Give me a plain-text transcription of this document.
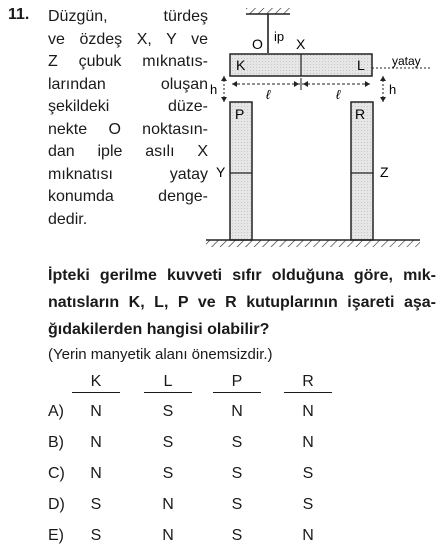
11. Düzgün, türdeş
ve özdeş X, Y ve
Z çubuk mıknatıs-
larından oluşan
şekildeki düze-
nekte O noktasın-
dan iple asılı X
mıknatısı yatay
konumda denge-
dedir.
ip
O X
K	L yatay
h	h
ℓ	ℓ
P
Y
R
Z
İpteki gerilme kuvveti sıfır olduğuna göre, mık-
natısların K, L, P ve R kutuplarının işareti aşa-
ğıdakilerden hangisi olabilir?
(Yerin manyetik alanı önemsizdir.)
K	L	P	R
A)	N	S	N	N
B)	N	S	S	N
C)	N	S	S	S
D)	S	N	S	S
E)	S	N	S	N
